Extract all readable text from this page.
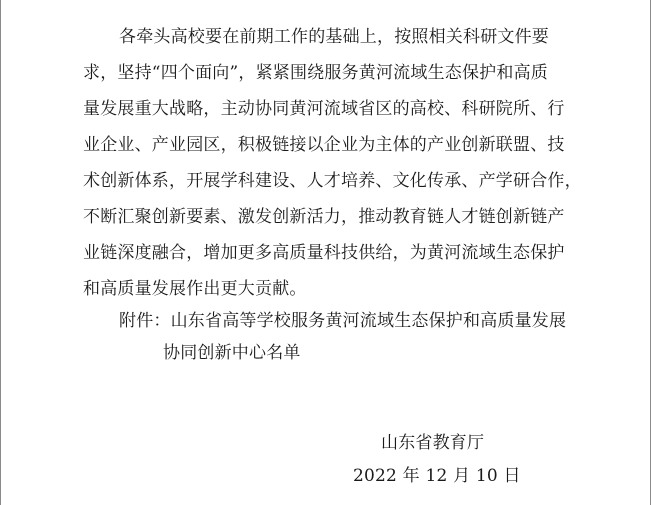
各牵头高校要在前期工作的基础上，按照相关科研文件要
求，坚持“四个面向”，紧紧围绕服务黄河流域生态保护和高质
量发展重大战略，主动协同黄河流域省区的高校、科研院所、行
业企业、产业园区，积极链接以企业为主体的产业创新联盟、技
术创新体系，开展学科建设、人才培养、文化传承、产学研合作，
不断汇聚创新要素、激发创新活力，推动教育链人才链创新链产
业链深度融合，增加更多高质量科技供给，为黄河流域生态保护
和高质量发展作出更大贡献。
附件：山东省高等学校服务黄河流域生态保护和高质量发展
协同创新中心名单
山东省教育厅
2022 年 12 月 10 日
